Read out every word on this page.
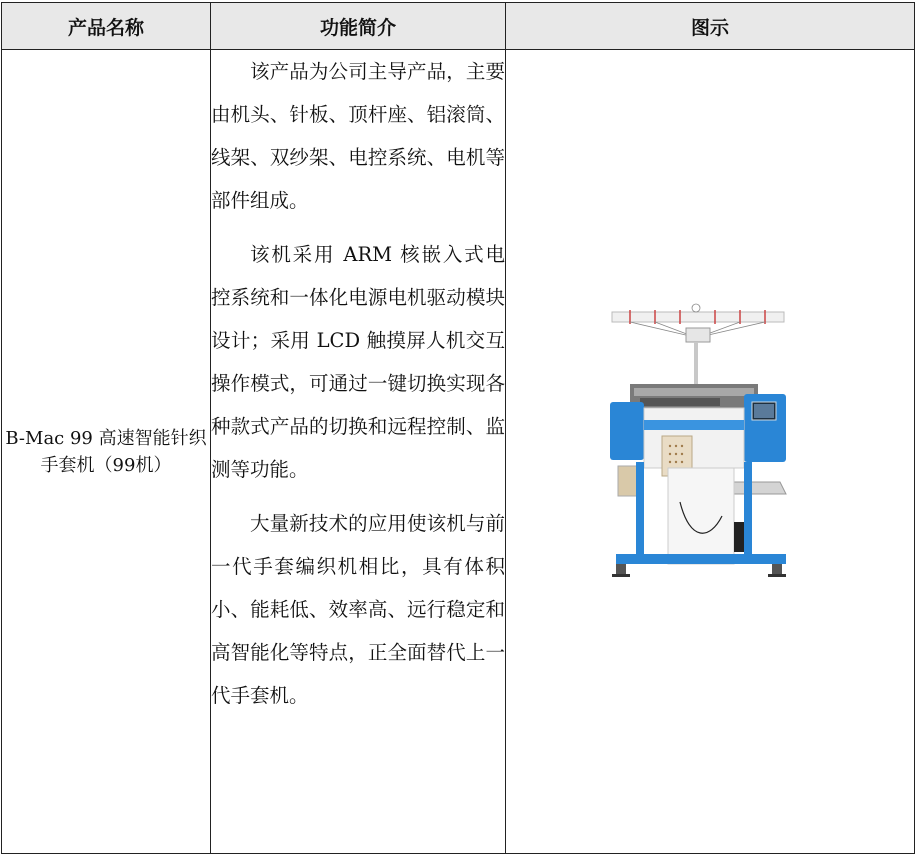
产品名称	功能简介	图示
B-Mac 99 高速智能针织手套机（99机）	该产品为公司主导产品，主要由机头、针板、顶杆座、铝滚筒、线架、双纱架、电控系统、电机等部件组成。

该机采用 ARM 核嵌入式电控系统和一体化电源电机驱动模块设计；采用 LCD 触摸屏人机交互操作模式，可通过一键切换实现各种款式产品的切换和远程控制、监测等功能。

大量新技术的应用使该机与前一代手套编织机相比，具有体积小、能耗低、效率高、远行稳定和高智能化等特点，正全面替代上一代手套机。
